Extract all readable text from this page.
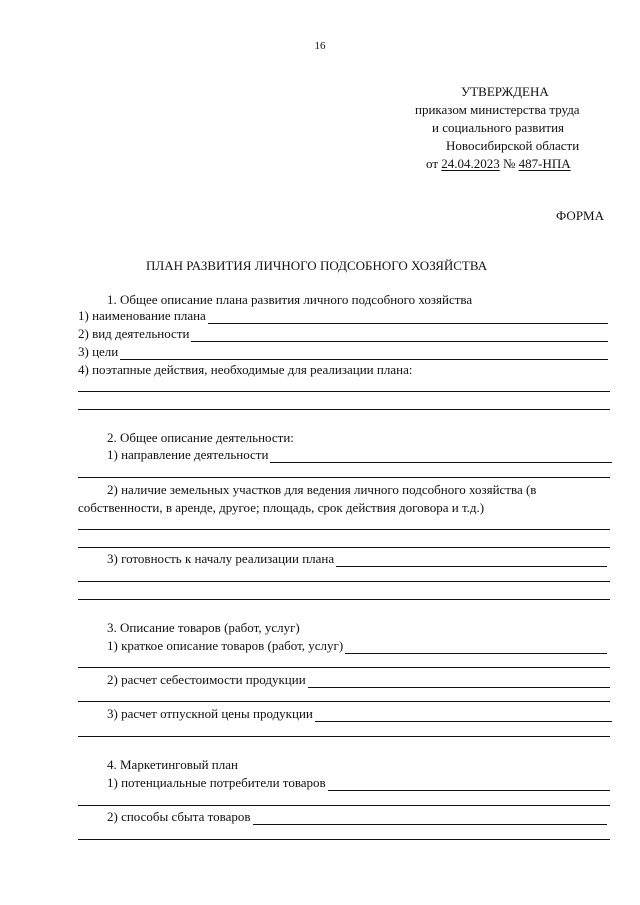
16
УТВЕРЖДЕНА
приказом министерства труда
и социального развития
Новосибирской области
от 24.04.2023 № 487-НПА
ФОРМА
ПЛАН РАЗВИТИЯ ЛИЧНОГО ПОДСОБНОГО ХОЗЯЙСТВА
1. Общее описание плана развития личного подсобного хозяйства
1) наименование плана
2) вид деятельности
3) цели
4) поэтапные действия, необходимые для реализации плана:
2. Общее описание деятельности:
1) направление деятельности
2) наличие земельных участков для ведения личного подсобного хозяйства (в
собственности, в аренде, другое; площадь, срок действия договора и т.д.)
3) готовность к началу реализации плана
3. Описание товаров (работ, услуг)
1) краткое описание товаров (работ, услуг)
2) расчет себестоимости продукции
3) расчет отпускной цены продукции
4. Маркетинговый план
1) потенциальные потребители товаров
2) способы сбыта товаров
